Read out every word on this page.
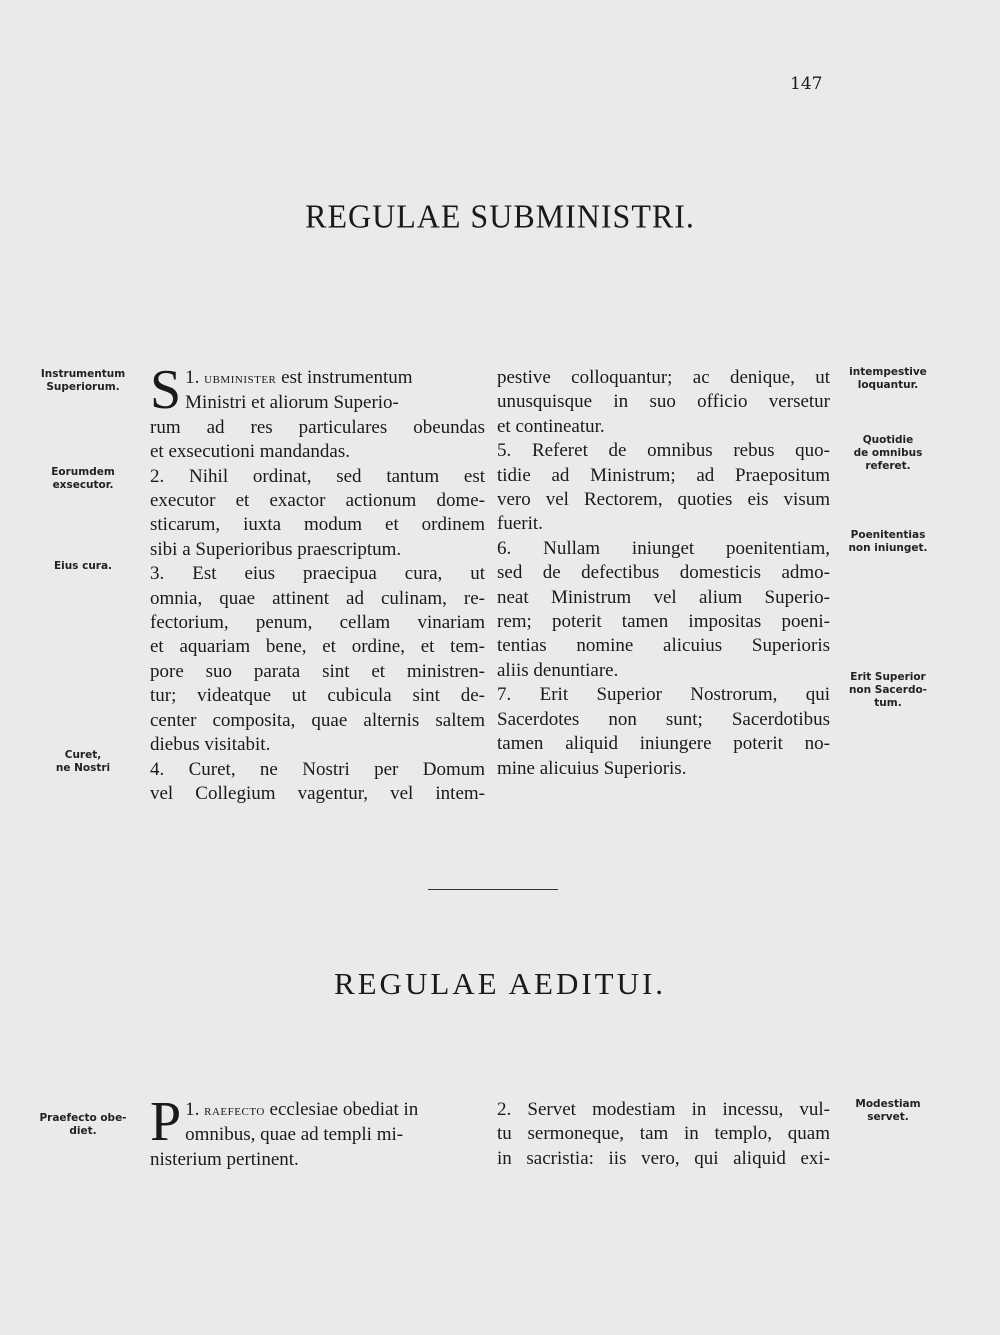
147
REGULAE SUBMINISTRI.
Instrumentum
Superiorum.
Eorumdem
exsecutor.
Eius cura.
Curet,
ne Nostri
intempestive
loquantur.
Quotidie
de omnibus
referet.
Poenitentias
non iniunget.
Erit Superior
non Sacerdo-
tum.

1.
S ubminister est instrumentum
Ministri et aliorum Superio-
rum ad res particulares obeundas
et exsecutioni mandandas.

2. Nihil ordinat, sed tantum est
executor et exactor actionum dome-
sticarum, iuxta modum et ordinem
sibi a Superioribus praescriptum.

3. Est eius praecipua cura, ut
omnia, quae attinent ad culinam, re-
fectorium, penum, cellam vinariam
et aquariam bene, et ordine, et tem-
pore suo parata sint et ministren-
tur; videatque ut cubicula sint de-
center composita, quae alternis saltem
diebus visitabit.

4. Curet, ne Nostri per Domum
vel Collegium vagentur, vel intem-

pestive colloquantur; ac denique, ut
unusquisque in suo officio versetur
et contineatur.

5. Referet de omnibus rebus quo-
tidie ad Ministrum; ad Praepositum
vero vel Rectorem, quoties eis visum
fuerit.

6. Nullam iniunget poenitentiam,
sed de defectibus domesticis admo-
neat Ministrum vel alium Superio-
rem; poterit tamen impositas poeni-
tentias nomine alicuius Superioris
aliis denuntiare.

7. Erit Superior Nostrorum, qui
Sacerdotes non sunt; Sacerdotibus
tamen aliquid iniungere poterit no-
mine alicuius Superioris.

REGULAE AEDITUI.
Praefecto obe-
diet.
Modestiam
servet.

1.
P raefecto ecclesiae obediat in
omnibus, quae ad templi mi-
nisterium pertinent.

2. Servet modestiam in incessu, vul-
tu sermoneque, tam in templo, quam
in sacristia: iis vero, qui aliquid exi-
